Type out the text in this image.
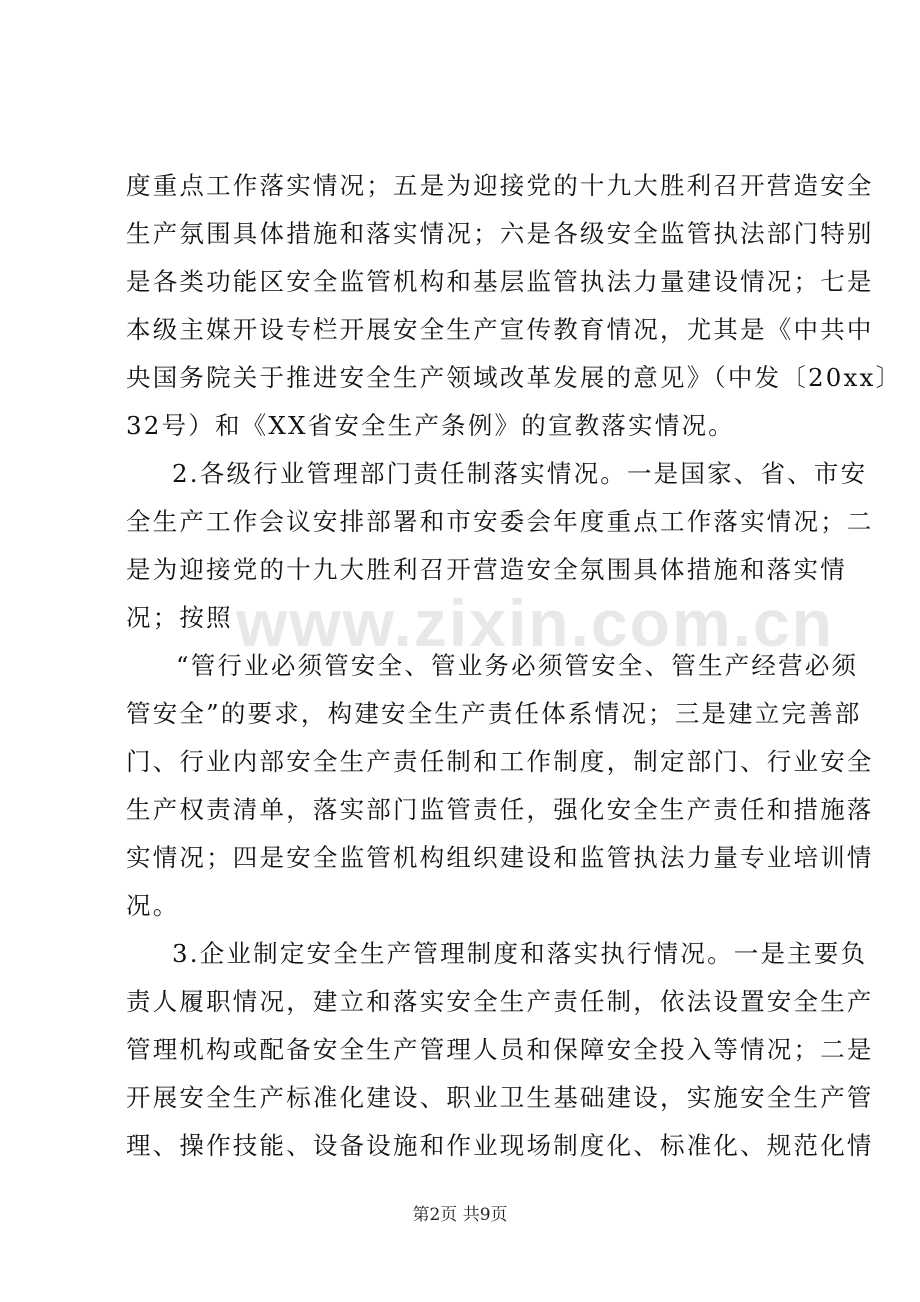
度重点工作落实情况；五是为迎接党的十九大胜利召开营造安全
生产氛围具体措施和落实情况；六是各级安全监管执法部门特别
是各类功能区安全监管机构和基层监管执法力量建设情况；七是
本级主媒开设专栏开展安全生产宣传教育情况，尤其是《中共中
央国务院关于推进安全生产领域改革发展的意见》（中发〔20xx〕
32号）和《XX省安全生产条例》的宣教落实情况。
2.各级行业管理部门责任制落实情况。一是国家、省、市安
全生产工作会议安排部署和市安委会年度重点工作落实情况；二
是为迎接党的十九大胜利召开营造安全氛围具体措施和落实情
况；按照 www.zixin.com.cn
“管行业必须管安全、管业务必须管安全、管生产经营必须
管安全”的要求，构建安全生产责任体系情况；三是建立完善部
门、行业内部安全生产责任制和工作制度，制定部门、行业安全
生产权责清单，落实部门监管责任，强化安全生产责任和措施落
实情况；四是安全监管机构组织建设和监管执法力量专业培训情
况。
3.企业制定安全生产管理制度和落实执行情况。一是主要负
责人履职情况，建立和落实安全生产责任制，依法设置安全生产
管理机构或配备安全生产管理人员和保障安全投入等情况；二是
开展安全生产标准化建设、职业卫生基础建设，实施安全生产管
理、操作技能、设备设施和作业现场制度化、标准化、规范化情
第2页 共9页
